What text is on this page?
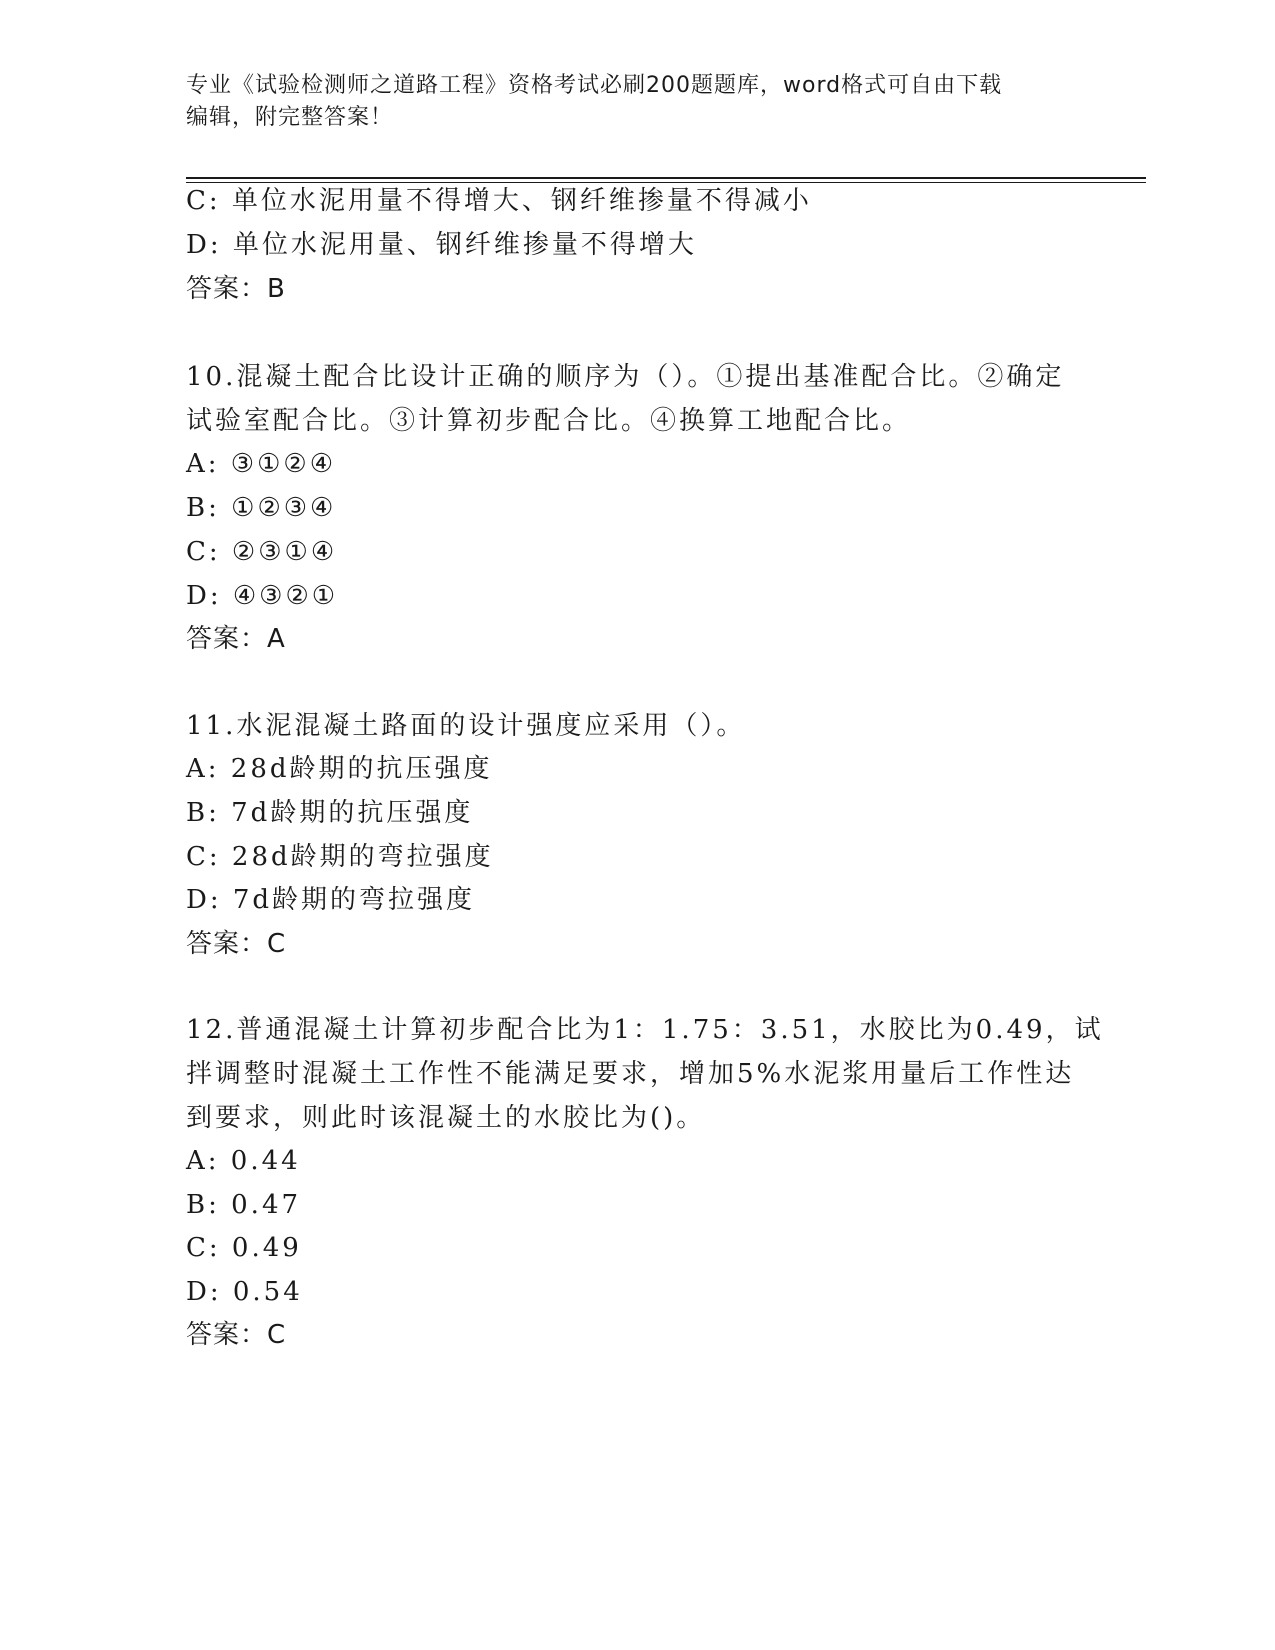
专业《试验检测师之道路工程》资格考试必刷200题题库，word格式可自由下载
编辑，附完整答案！
C: 单位水泥用量不得增大、钢纤维掺量不得减小
D: 单位水泥用量、钢纤维掺量不得增大
答案：B
10.混凝土配合比设计正确的顺序为（）。①提出基准配合比。②确定
试验室配合比。③计算初步配合比。④换算工地配合比。
A: ③①②④
B: ①②③④
C: ②③①④
D: ④③②①
答案：A
11.水泥混凝土路面的设计强度应采用（）。
A: 28d龄期的抗压强度
B: 7d龄期的抗压强度
C: 28d龄期的弯拉强度
D: 7d龄期的弯拉强度
答案：C
12.普通混凝土计算初步配合比为1：1.75：3.51，水胶比为0.49，试
拌调整时混凝土工作性不能满足要求，增加5%水泥浆用量后工作性达
到要求，则此时该混凝土的水胶比为()。
A: 0.44
B: 0.47
C: 0.49
D: 0.54
答案：C
